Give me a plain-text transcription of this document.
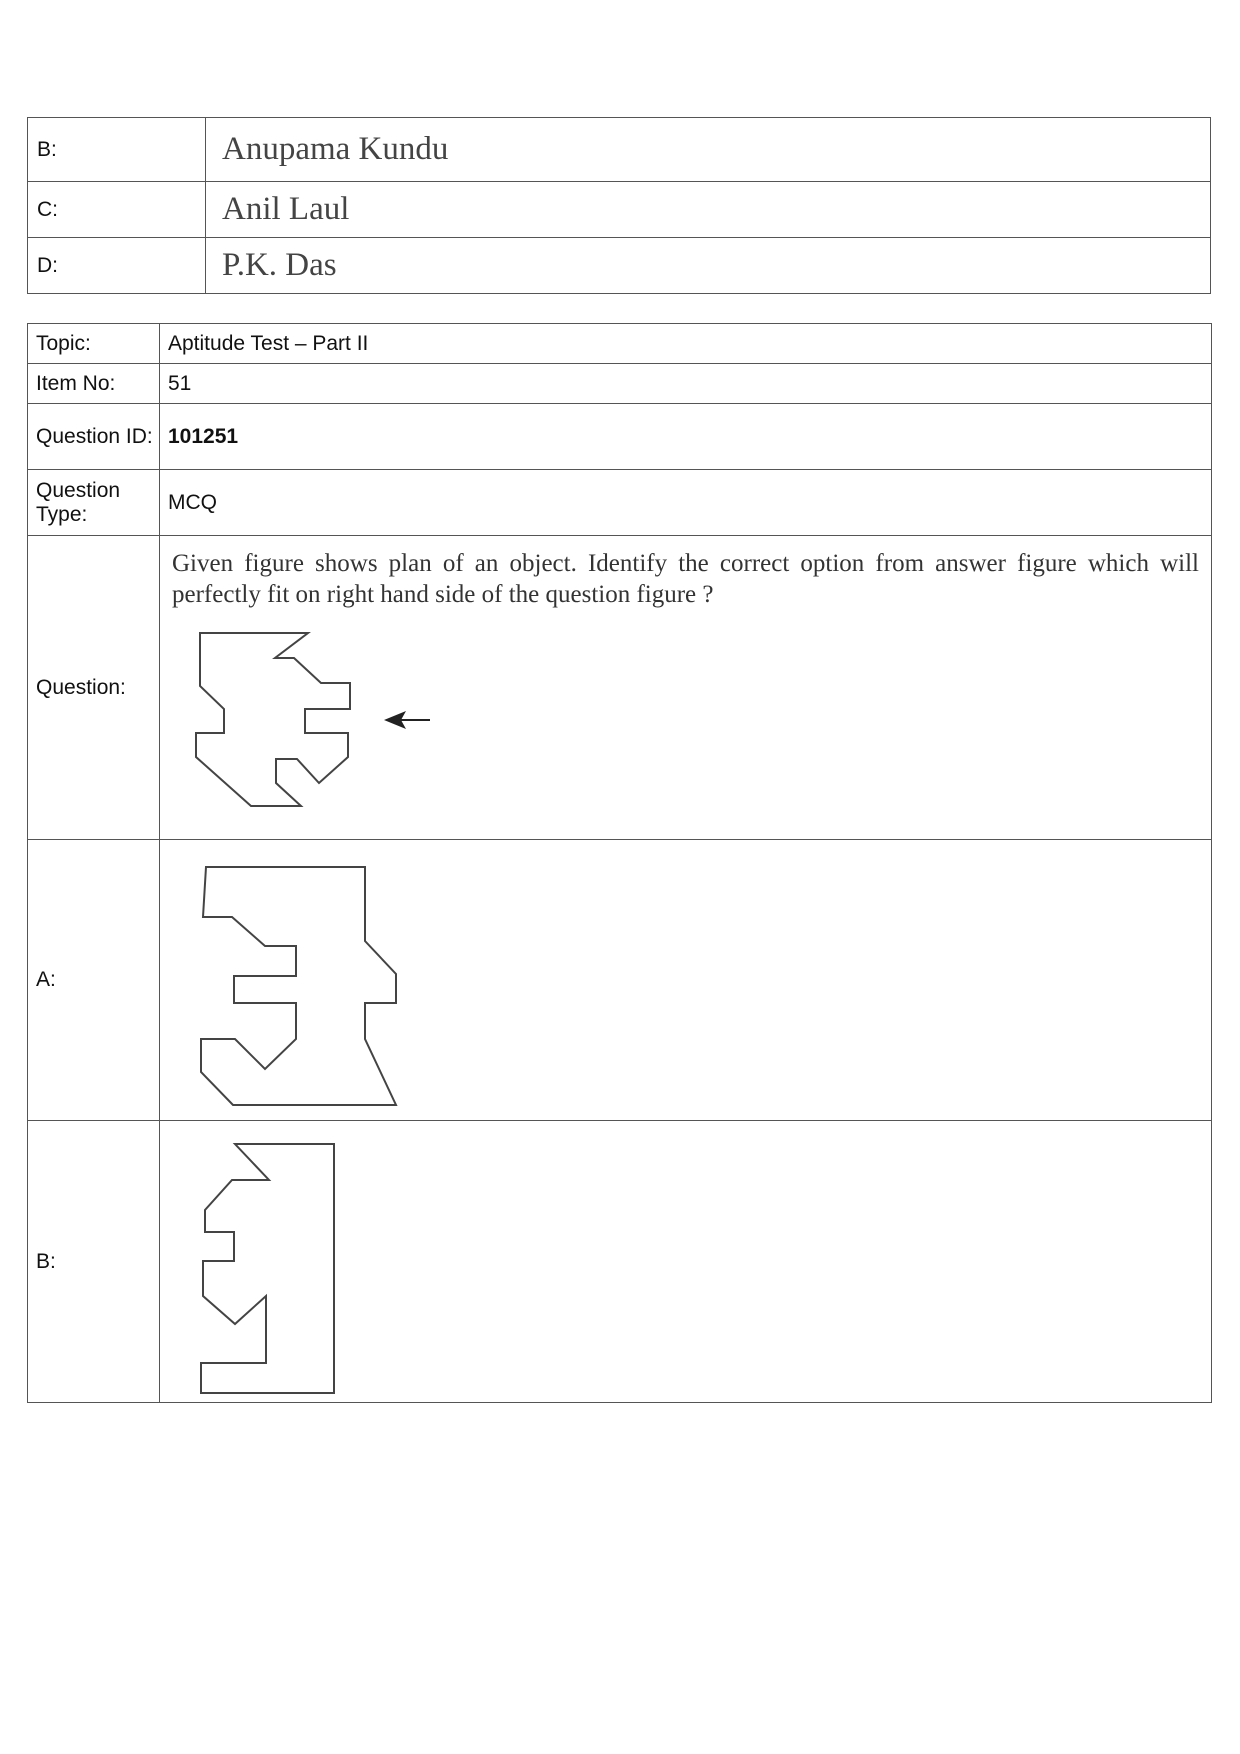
B:	Anupama Kundu
C:	Anil Laul
D:	P.K. Das
Topic:	Aptitude Test – Part II
Item No:	51
Question ID:	101251
Question Type:	MCQ
Question:	Given figure shows plan of an object. Identify the correct option from answer figure which will perfectly fit on right hand side of the question figure ?

A:	

B:	
